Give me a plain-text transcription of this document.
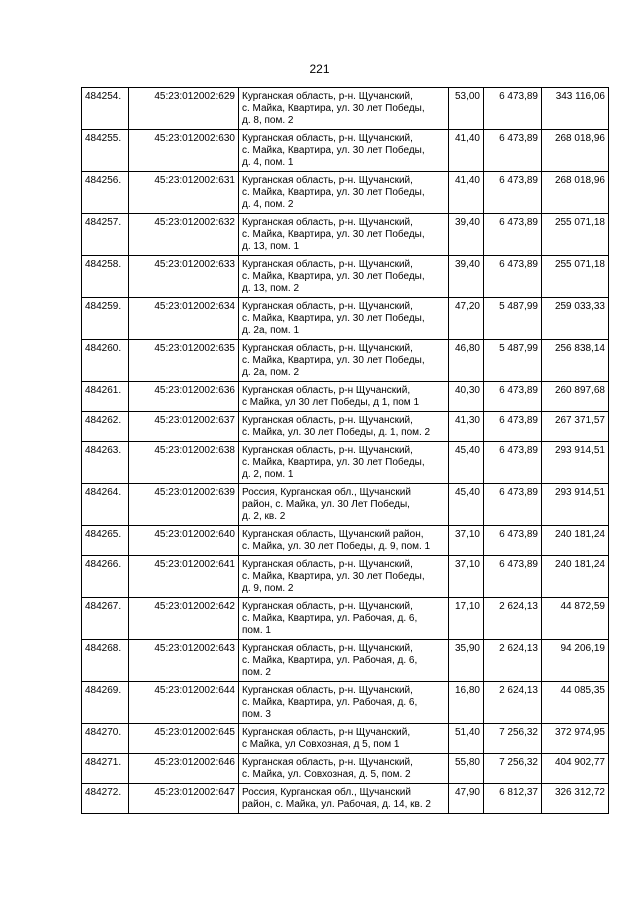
221
484254.	45:23:012002:629	Курганская область, р-н. Щучанский,
с. Майка, Квартира, ул. 30 лет Победы,
д. 8, пом. 2	53,00	6 473,89	343 116,06
484255.	45:23:012002:630	Курганская область, р-н. Щучанский,
с. Майка, Квартира, ул. 30 лет Победы,
д. 4, пом. 1	41,40	6 473,89	268 018,96
484256.	45:23:012002:631	Курганская область, р-н. Щучанский,
с. Майка, Квартира, ул. 30 лет Победы,
д. 4, пом. 2	41,40	6 473,89	268 018,96
484257.	45:23:012002:632	Курганская область, р-н. Щучанский,
с. Майка, Квартира, ул. 30 лет Победы,
д. 13, пом. 1	39,40	6 473,89	255 071,18
484258.	45:23:012002:633	Курганская область, р-н. Щучанский,
с. Майка, Квартира, ул. 30 лет Победы,
д. 13, пом. 2	39,40	6 473,89	255 071,18
484259.	45:23:012002:634	Курганская область, р-н. Щучанский,
с. Майка, Квартира, ул. 30 лет Победы,
д. 2а, пом. 1	47,20	5 487,99	259 033,33
484260.	45:23:012002:635	Курганская область, р-н. Щучанский,
с. Майка, Квартира, ул. 30 лет Победы,
д. 2а, пом. 2	46,80	5 487,99	256 838,14
484261.	45:23:012002:636	Курганская область, р-н Щучанский,
с Майка, ул 30 лет Победы, д 1, пом 1	40,30	6 473,89	260 897,68
484262.	45:23:012002:637	Курганская область, р-н. Щучанский,
с. Майка, ул. 30 лет Победы, д. 1, пом. 2	41,30	6 473,89	267 371,57
484263.	45:23:012002:638	Курганская область, р-н. Щучанский,
с. Майка, Квартира, ул. 30 лет Победы,
д. 2, пом. 1	45,40	6 473,89	293 914,51
484264.	45:23:012002:639	Россия, Курганская обл., Щучанский
район, с. Майка, ул. 30 Лет Победы,
д. 2, кв. 2	45,40	6 473,89	293 914,51
484265.	45:23:012002:640	Курганская область, Щучанский район,
с. Майка, ул. 30 лет Победы, д. 9, пом. 1	37,10	6 473,89	240 181,24
484266.	45:23:012002:641	Курганская область, р-н. Щучанский,
с. Майка, Квартира, ул. 30 лет Победы,
д. 9, пом. 2	37,10	6 473,89	240 181,24
484267.	45:23:012002:642	Курганская область, р-н. Щучанский,
с. Майка, Квартира, ул. Рабочая, д. 6,
пом. 1	17,10	2 624,13	44 872,59
484268.	45:23:012002:643	Курганская область, р-н. Щучанский,
с. Майка, Квартира, ул. Рабочая, д. 6,
пом. 2	35,90	2 624,13	94 206,19
484269.	45:23:012002:644	Курганская область, р-н. Щучанский,
с. Майка, Квартира, ул. Рабочая, д. 6,
пом. 3	16,80	2 624,13	44 085,35
484270.	45:23:012002:645	Курганская область, р-н Щучанский,
с Майка, ул Совхозная, д 5, пом 1	51,40	7 256,32	372 974,95
484271.	45:23:012002:646	Курганская область, р-н. Щучанский,
с. Майка, ул. Совхозная, д. 5, пом. 2	55,80	7 256,32	404 902,77
484272.	45:23:012002:647	Россия, Курганская обл., Щучанский
район, с. Майка, ул. Рабочая, д. 14, кв. 2	47,90	6 812,37	326 312,72
